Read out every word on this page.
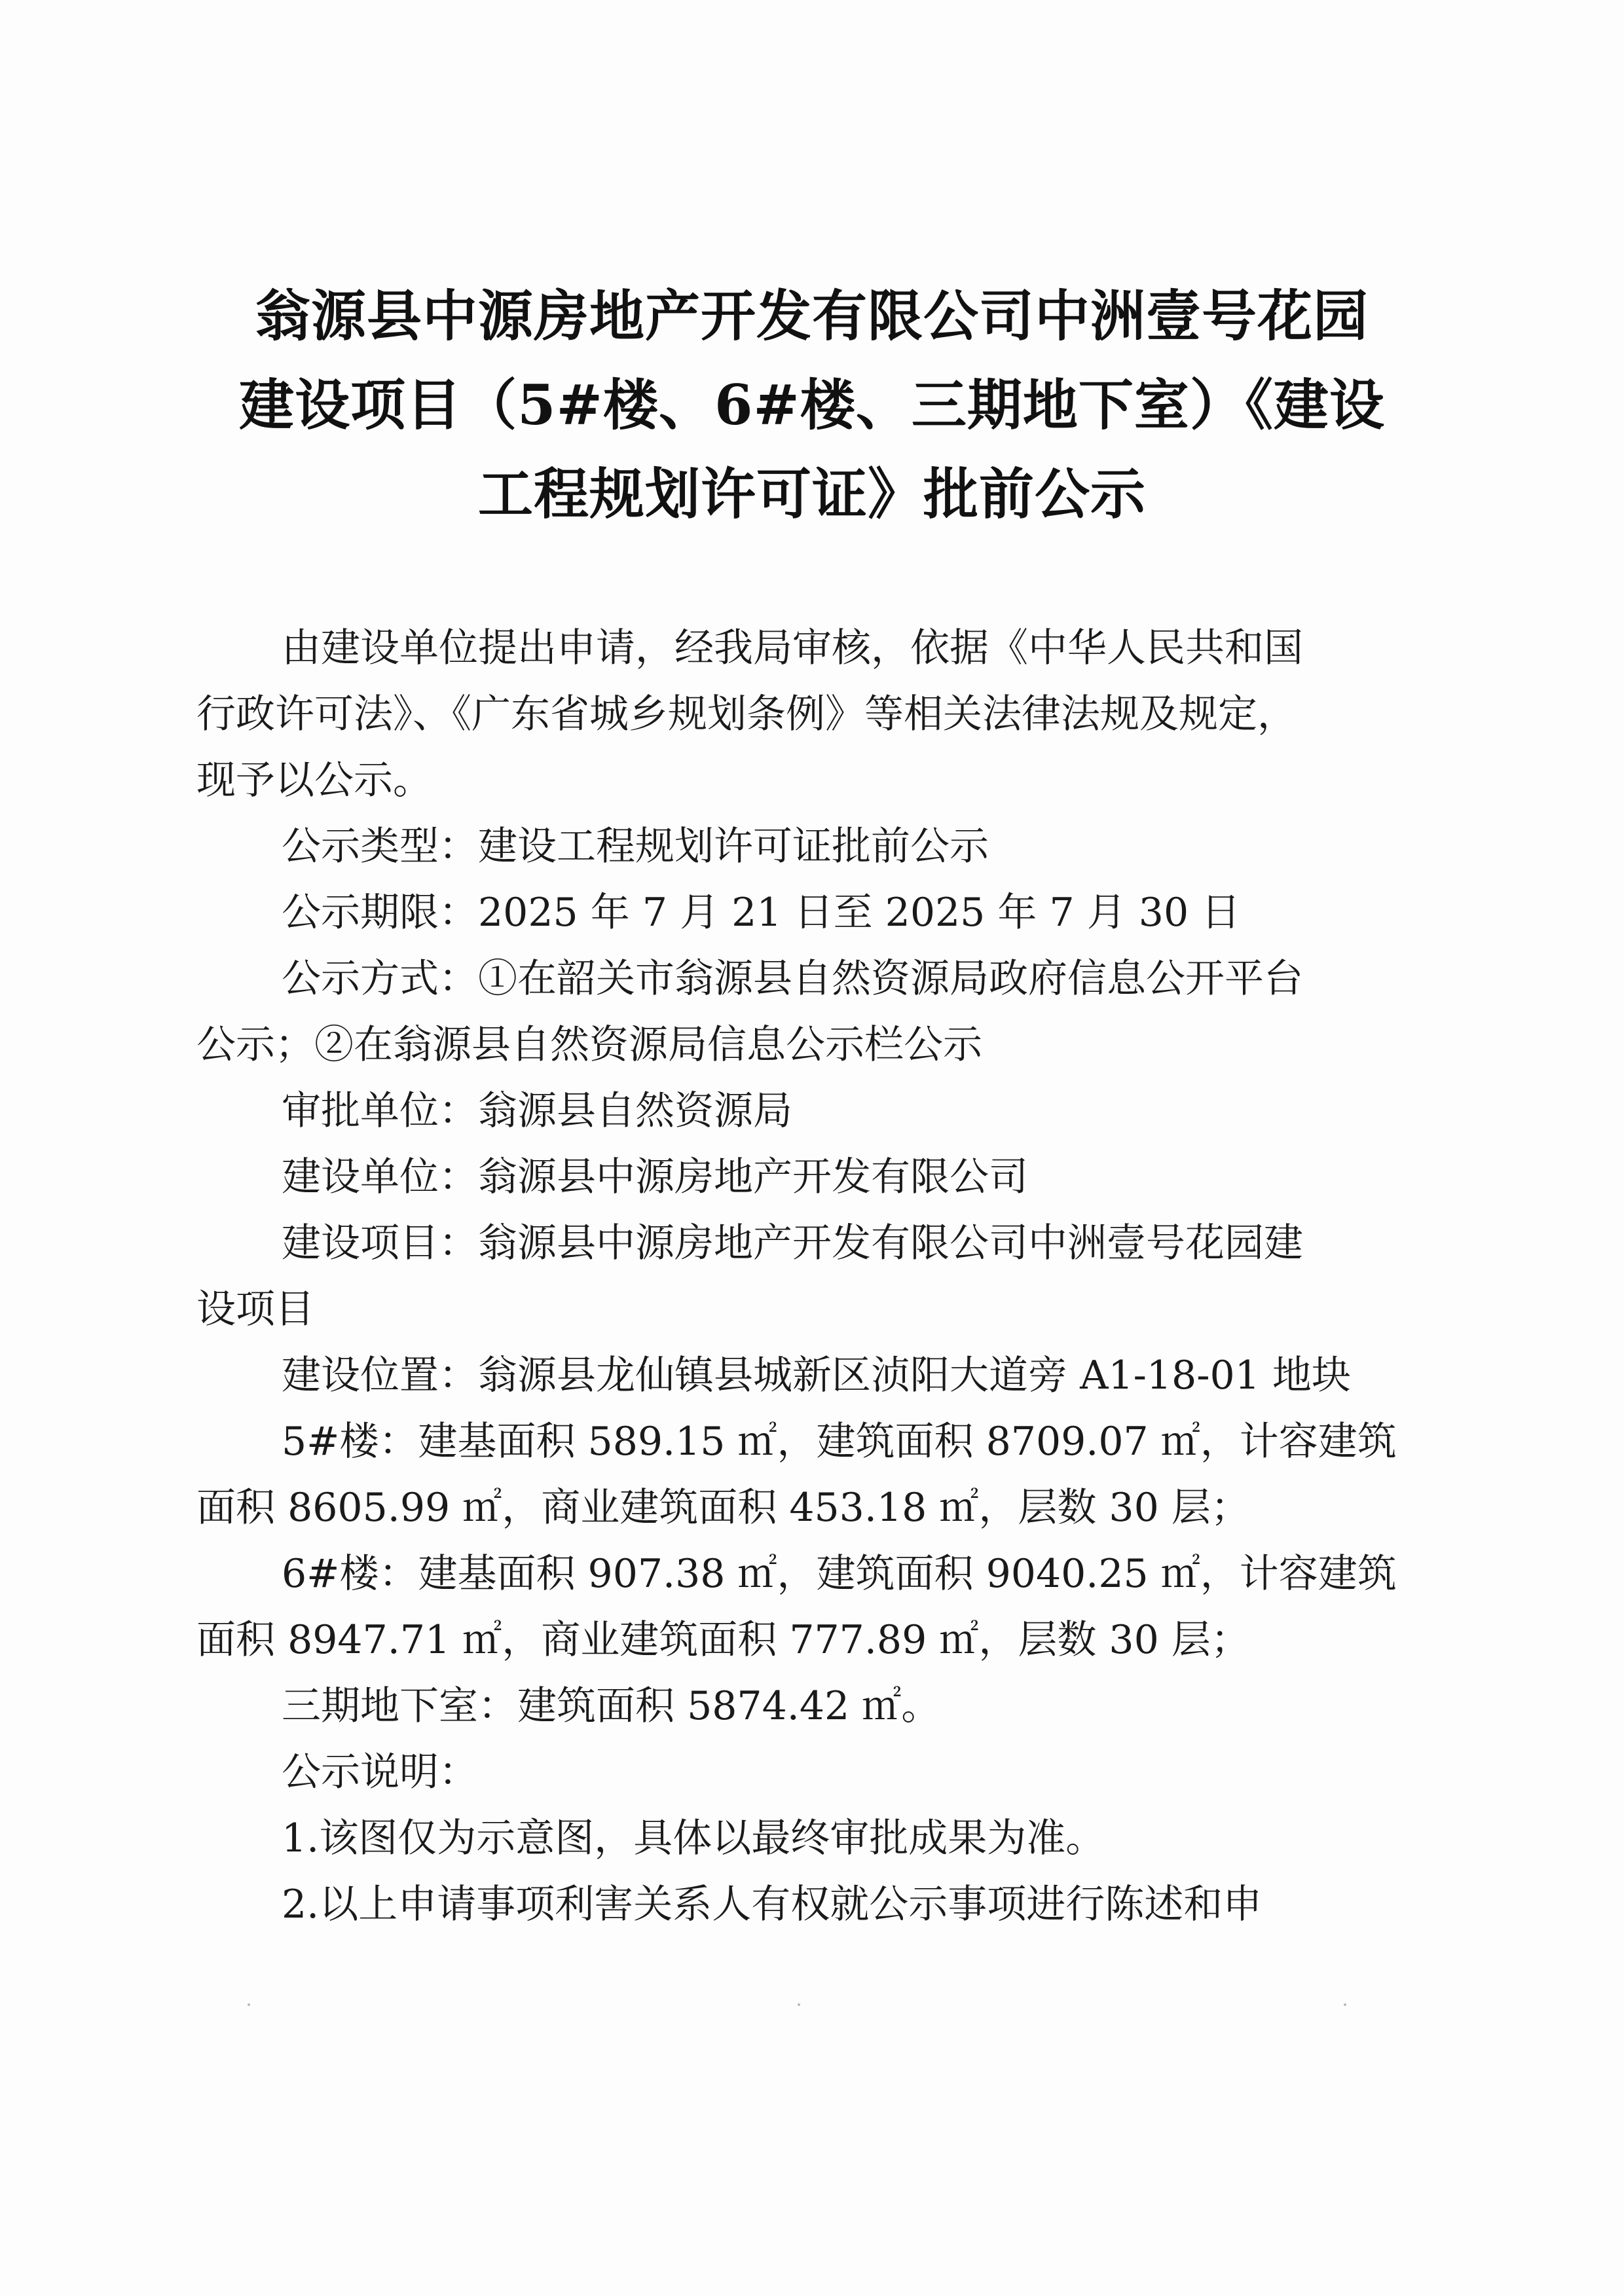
翁源县中源房地产开发有限公司中洲壹号花园
建设项目（5#楼、6#楼、三期地下室）《建设
工程规划许可证》批前公示
由建设单位提出申请，经我局审核，依据《中华人民共和国
行政许可法》、《广东省城乡规划条例》等相关法律法规及规定，
现予以公示。
公示类型：建设工程规划许可证批前公示
公示期限：2025 年 7 月 21 日至 2025 年 7 月 30 日
公示方式：①在韶关市翁源县自然资源局政府信息公开平台
公示；②在翁源县自然资源局信息公示栏公示
审批单位：翁源县自然资源局
建设单位：翁源县中源房地产开发有限公司
建设项目：翁源县中源房地产开发有限公司中洲壹号花园建
设项目
建设位置：翁源县龙仙镇县城新区浈阳大道旁 A1-18-01 地块
5#楼：建基面积 589.15 ㎡，建筑面积 8709.07 ㎡，计容建筑
面积 8605.99 ㎡，商业建筑面积 453.18 ㎡，层数 30 层；
6#楼：建基面积 907.38 ㎡，建筑面积 9040.25 ㎡，计容建筑
面积 8947.71 ㎡，商业建筑面积 777.89 ㎡，层数 30 层；
三期地下室：建筑面积 5874.42 ㎡。
公示说明：
1.该图仅为示意图，具体以最终审批成果为准。
2.以上申请事项利害关系人有权就公示事项进行陈述和申
